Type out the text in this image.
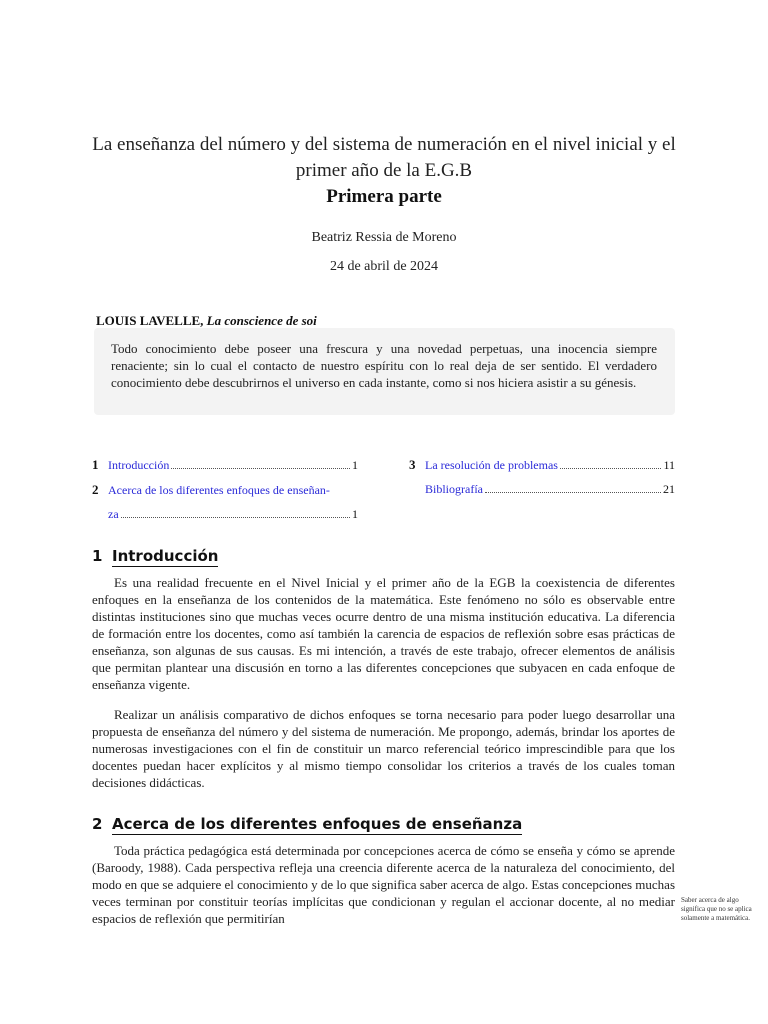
La enseñanza del número y del sistema de numeración en el nivel inicial y el primer año de la E.G.B
Primera parte
Beatriz Ressia de Moreno
24 de abril de 2024
LOUIS LAVELLE, La conscience de soi
Todo conocimiento debe poseer una frescura y una novedad perpetuas, una inocencia siempre renaciente; sin lo cual el contacto de nuestro espíritu con lo real deja de ser sentido. El verdadero conocimiento debe descubrirnos el universo en cada instante, como si nos hiciera asistir a su génesis.
1 Introducción	1
2 Acerca de los diferentes enfoques de enseñan-
za	1
3 La resolución de problemas	11
Bibliografía	21
1 Introducción
Es una realidad frecuente en el Nivel Inicial y el primer año de la EGB la coexistencia de diferentes enfoques en la enseñanza de los contenidos de la matemática. Este fenómeno no sólo es observable entre distintas instituciones sino que muchas veces ocurre dentro de una misma institución educativa. La diferencia de formación entre los docentes, como así también la carencia de espacios de reflexión sobre esas prácticas de enseñanza, son algunas de sus causas. Es mi intención, a través de este trabajo, ofrecer elementos de análisis que permitan plantear una discusión en torno a las diferentes concepciones que subyacen en cada enfoque de enseñanza vigente.
Realizar un análisis comparativo de dichos enfoques se torna necesario para poder luego desarrollar una propuesta de enseñanza del número y del sistema de numeración. Me propongo, además, brindar los aportes de numerosas investigaciones con el fin de constituir un marco referencial teórico imprescindible para que los docentes puedan hacer explícitos y al mismo tiempo consolidar los criterios a través de los cuales toman decisiones didácticas.
2 Acerca de los diferentes enfoques de enseñanza
Toda práctica pedagógica está determinada por concepciones acerca de cómo se enseña y cómo se aprende (Baroody, 1988). Cada perspectiva refleja una creencia diferente acerca de la naturaleza del conocimiento, del modo en que se adquiere el conocimiento y de lo que significa saber acerca de algo. Estas concepciones muchas veces terminan por constituir teorías implícitas que condicionan y regulan el accionar docente, al no mediar espacios de reflexión que permitirían
Saber acerca de algo significa que no se aplica solamente a matemática.
